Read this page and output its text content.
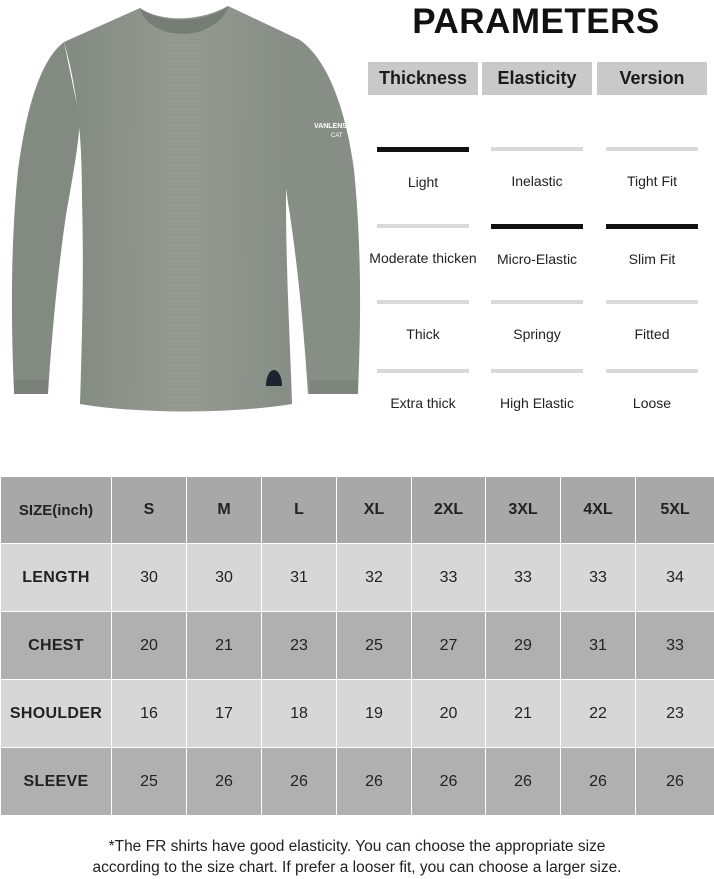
VANLENS
CAT
PARAMETERS
Thickness
Light
Moderate thicken
Thick
Extra thick
Elasticity
Inelastic
Micro-Elastic
Springy
High Elastic
Version
Tight Fit
Slim Fit
Fitted
Loose
SIZE(inch)	S	M	L	XL	2XL	3XL	4XL	5XL
LENGTH	30	30	31	32	33	33	33	34
CHEST	20	21	23	25	27	29	31	33
SHOULDER	16	17	18	19	20	21	22	23
SLEEVE	25	26	26	26	26	26	26	26
*The FR shirts have good elasticity. You can choose the appropriate size
according to the size chart. If prefer a looser fit, you can choose a larger size.
